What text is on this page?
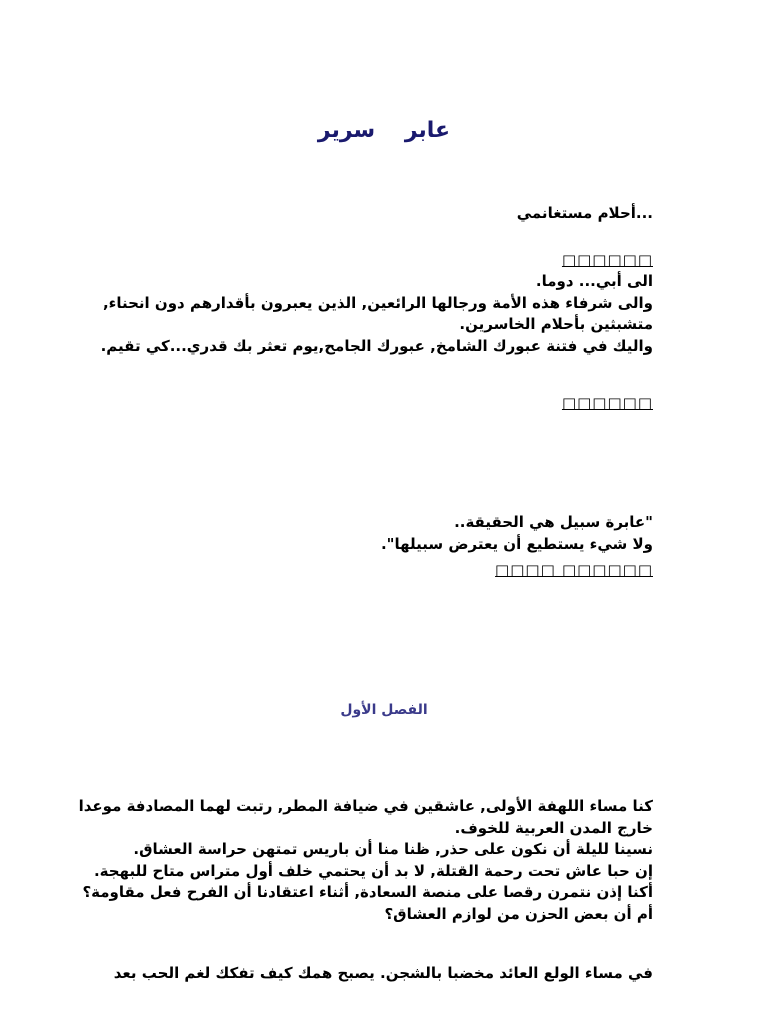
عابر سرير
...أحلام مستغانمي
□□□□□□
الى أبي... دوما.
والى شرفاء هذه الأمة ورجالها الرائعين, الذين يعبرون بأقدارهم دون انحناء,
متشبثين بأحلام الخاسرين.
واليك في فتنة عبورك الشامخ, عبورك الجامح,يوم تعثر بك قدري...كي تقيم.
□□□□□□
"عابرة سبيل هي الحقيقة..
ولا شيء يستطيع أن يعترض سبيلها".
□□□□ □□□□□□
الفصل الأول
كنا مساء اللهفة الأولى, عاشقين في ضيافة المطر, رتبت لهما المصادفة موعدا
خارج المدن العربية للخوف.
نسينا لليلة أن نكون على حذر, ظنا منا أن باريس تمتهن حراسة العشاق.
إن حبا عاش تحت رحمة القتلة, لا بد أن يحتمي خلف أول متراس متاح للبهجة.
أكنا إذن نتمرن رقصا على منصة السعادة, أثناء اعتقادنا أن الفرح فعل مقاومة؟
أم أن بعض الحزن من لوازم العشاق؟
في مساء الولع العائد مخضبا بالشجن. يصبح همك كيف تفكك لغم الحب بعد
